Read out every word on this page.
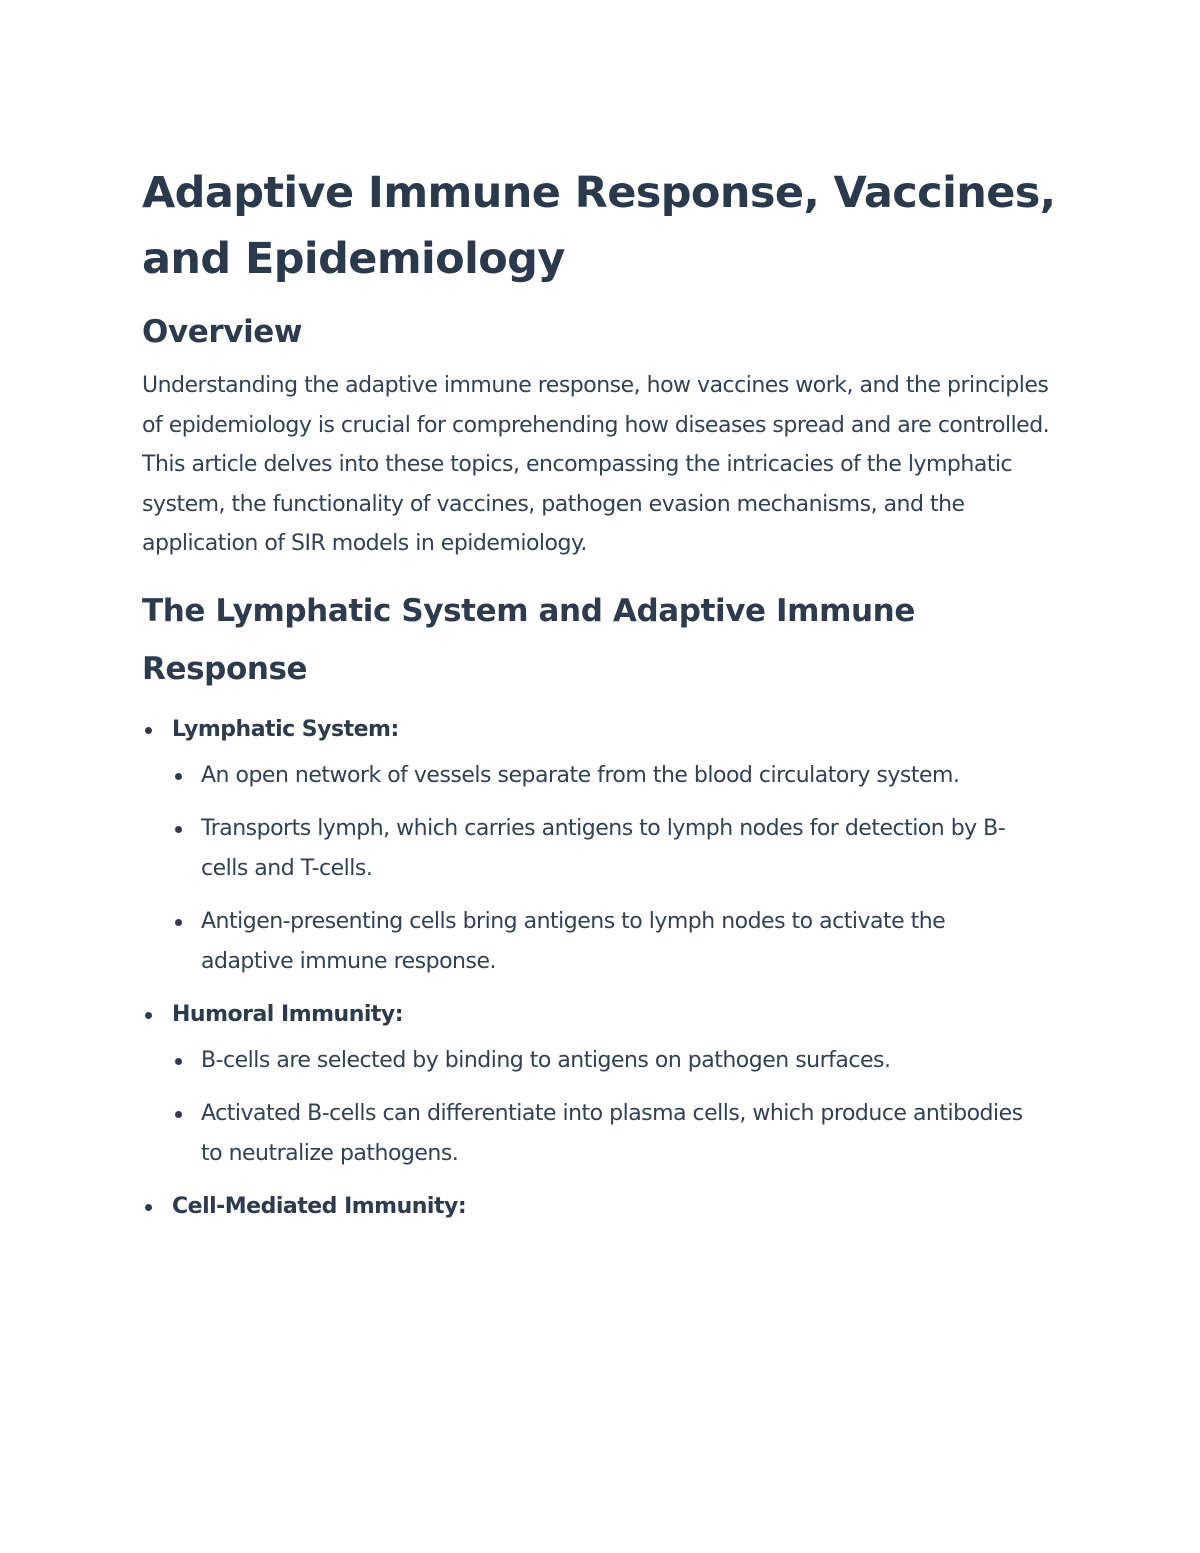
Adaptive Immune Response, Vaccines, and Epidemiology
Overview

Understanding the adaptive immune response, how vaccines work, and the principles of epidemiology is crucial for comprehending how diseases spread and are controlled. This article delves into these topics, encompassing the intricacies of the lymphatic system, the functionality of vaccines, pathogen evasion mechanisms, and the application of SIR models in epidemiology.

The Lymphatic System and Adaptive Immune Response
Lymphatic System:
An open network of vessels separate from the blood circulatory system.
Transports lymph, which carries antigens to lymph nodes for detection by B-cells and T-cells.
Antigen-presenting cells bring antigens to lymph nodes to activate the adaptive immune response.
Humoral Immunity:
B-cells are selected by binding to antigens on pathogen surfaces.
Activated B-cells can differentiate into plasma cells, which produce antibodies to neutralize pathogens.
Cell-Mediated Immunity:
